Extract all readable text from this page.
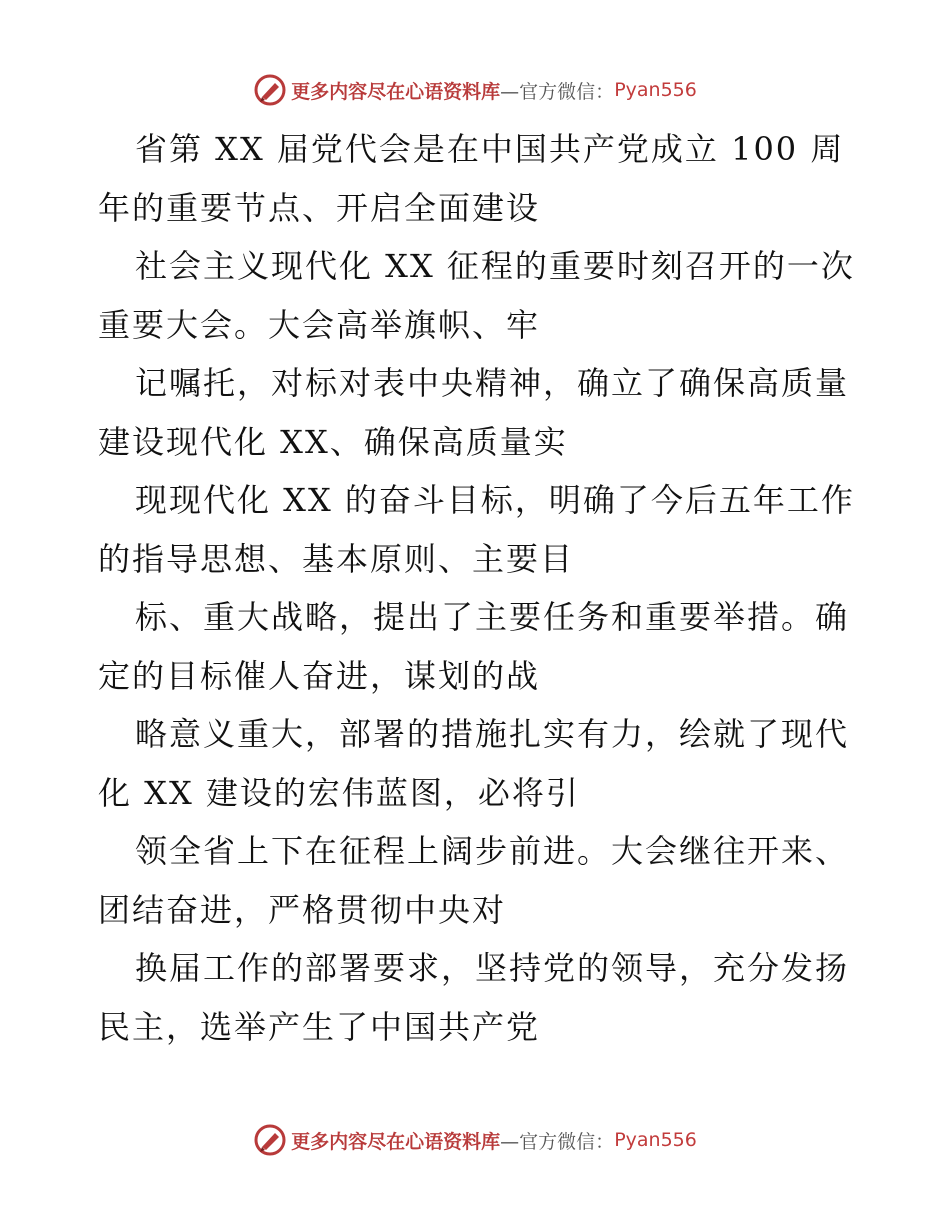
更多内容尽在心语资料库 —官方微信： Pyan556
省第 XX 届党代会是在中国共产党成立 100 周
年的重要节点、开启全面建设
社会主义现代化 XX 征程的重要时刻召开的一次
重要大会。大会高举旗帜、牢
记嘱托，对标对表中央精神，确立了确保高质量
建设现代化 XX、确保高质量实
现现代化 XX 的奋斗目标，明确了今后五年工作
的指导思想、基本原则、主要目
标、重大战略，提出了主要任务和重要举措。确
定的目标催人奋进，谋划的战
略意义重大，部署的措施扎实有力，绘就了现代
化 XX 建设的宏伟蓝图，必将引
领全省上下在征程上阔步前进。大会继往开来、
团结奋进，严格贯彻中央对
换届工作的部署要求，坚持党的领导，充分发扬
民主，选举产生了中国共产党
更多内容尽在心语资料库 —官方微信： Pyan556
